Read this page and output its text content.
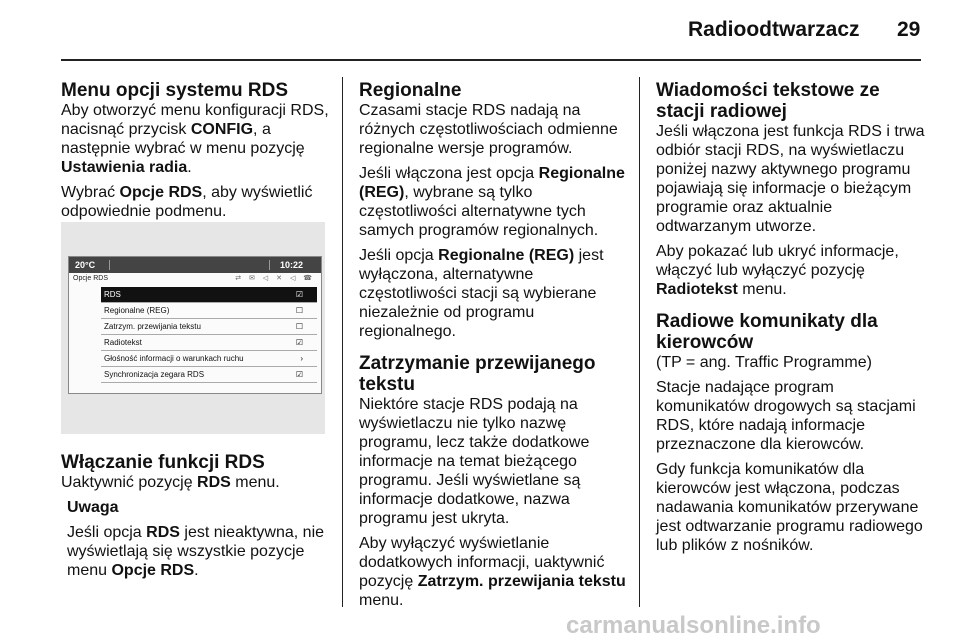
Radioodtwarzacz 29
Menu opcji systemu RDS

Aby otworzyć menu konfiguracji RDS, nacisnąć przycisk CONFIG, a następnie wybrać w menu pozycję Ustawienia radia.

Wybrać Opcje RDS, aby wyświetlić odpowiednie podmenu.

20°C	10:22
Opcje RDS	⇄ ✉ ◁ ✕ ◁ ☎
RDS	☑
Regionalne (REG)	☐
Zatrzym. przewijania tekstu	☐
Radiotekst	☑
Głośność informacji o warunkach ruchu	›
Synchronizacja zegara RDS	☑
Włączanie funkcji RDS

Uaktywnić pozycję RDS menu.

Uwaga

Jeśli opcja RDS jest nieaktywna, nie wyświetlają się wszystkie pozycje menu Opcje RDS.

Regionalne

Czasami stacje RDS nadają na różnych częstotliwościach odmienne regionalne wersje programów.

Jeśli włączona jest opcja Regionalne (REG), wybrane są tylko częstotliwości alternatywne tych samych programów regionalnych.

Jeśli opcja Regionalne (REG) jest wyłączona, alternatywne częstotliwości stacji są wybierane niezależnie od programu regionalnego.

Zatrzymanie przewijanego tekstu

Niektóre stacje RDS podają na wyświetlaczu nie tylko nazwę programu, lecz także dodatkowe informacje na temat bieżącego programu. Jeśli wyświetlane są informacje dodatkowe, nazwa programu jest ukryta.

Aby wyłączyć wyświetlanie dodatkowych informacji, uaktywnić pozycję Zatrzym. przewijania tekstu menu.

Wiadomości tekstowe ze stacji radiowej

Jeśli włączona jest funkcja RDS i trwa odbiór stacji RDS, na wyświetlaczu poniżej nazwy aktywnego programu pojawiają się informacje o bieżącym programie oraz aktualnie odtwarzanym utworze.

Aby pokazać lub ukryć informacje, włączyć lub wyłączyć pozycję Radiotekst menu.

Radiowe komunikaty dla kierowców

(TP = ang. Traffic Programme)

Stacje nadające program komunikatów drogowych są stacjami RDS, które nadają informacje przeznaczone dla kierowców.

Gdy funkcja komunikatów dla kierowców jest włączona, podczas nadawania komunikatów przerywane jest odtwarzanie programu radiowego lub plików z nośników.

carmanualsonline.info
